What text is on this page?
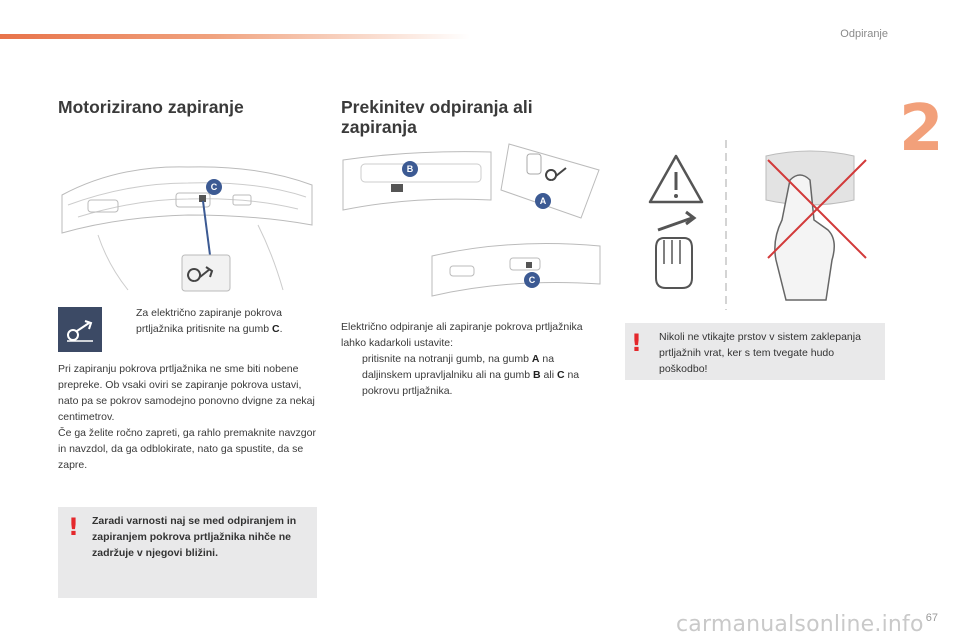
Odpiranje
2
Motorizirano zapiranje	Prekinitev odpiranja ali zapiranja
C
Za električno zapiranje pokrova prtljažnika pritisnite na gumb C.
Pri zapiranju pokrova prtljažnika ne sme biti nobene prepreke. Ob vsaki oviri se zapiranje pokrova ustavi, nato pa se pokrov samodejno ponovno dvigne za nekaj centimetrov.
Če ga želite ročno zapreti, ga rahlo premaknite navzgor in navzdol, da ga odblokirate, nato ga spustite, da se zapre.
! Zaradi varnosti naj se med odpiranjem in zapiranjem pokrova prtljažnika nihče ne zadržuje v njegovi bližini.
B
A
C
Električno odpiranje ali zapiranje pokrova prtljažnika lahko kadarkoli ustavite:
pritisnite na notranji gumb, na gumb A na daljinskem upravljalniku ali na gumb B ali C na pokrovu prtljažnika.
! Nikoli ne vtikajte prstov v sistem zaklepanja prtljažnih vrat, ker s tem tvegate hudo poškodbo!
carmanualsonline.info 67
